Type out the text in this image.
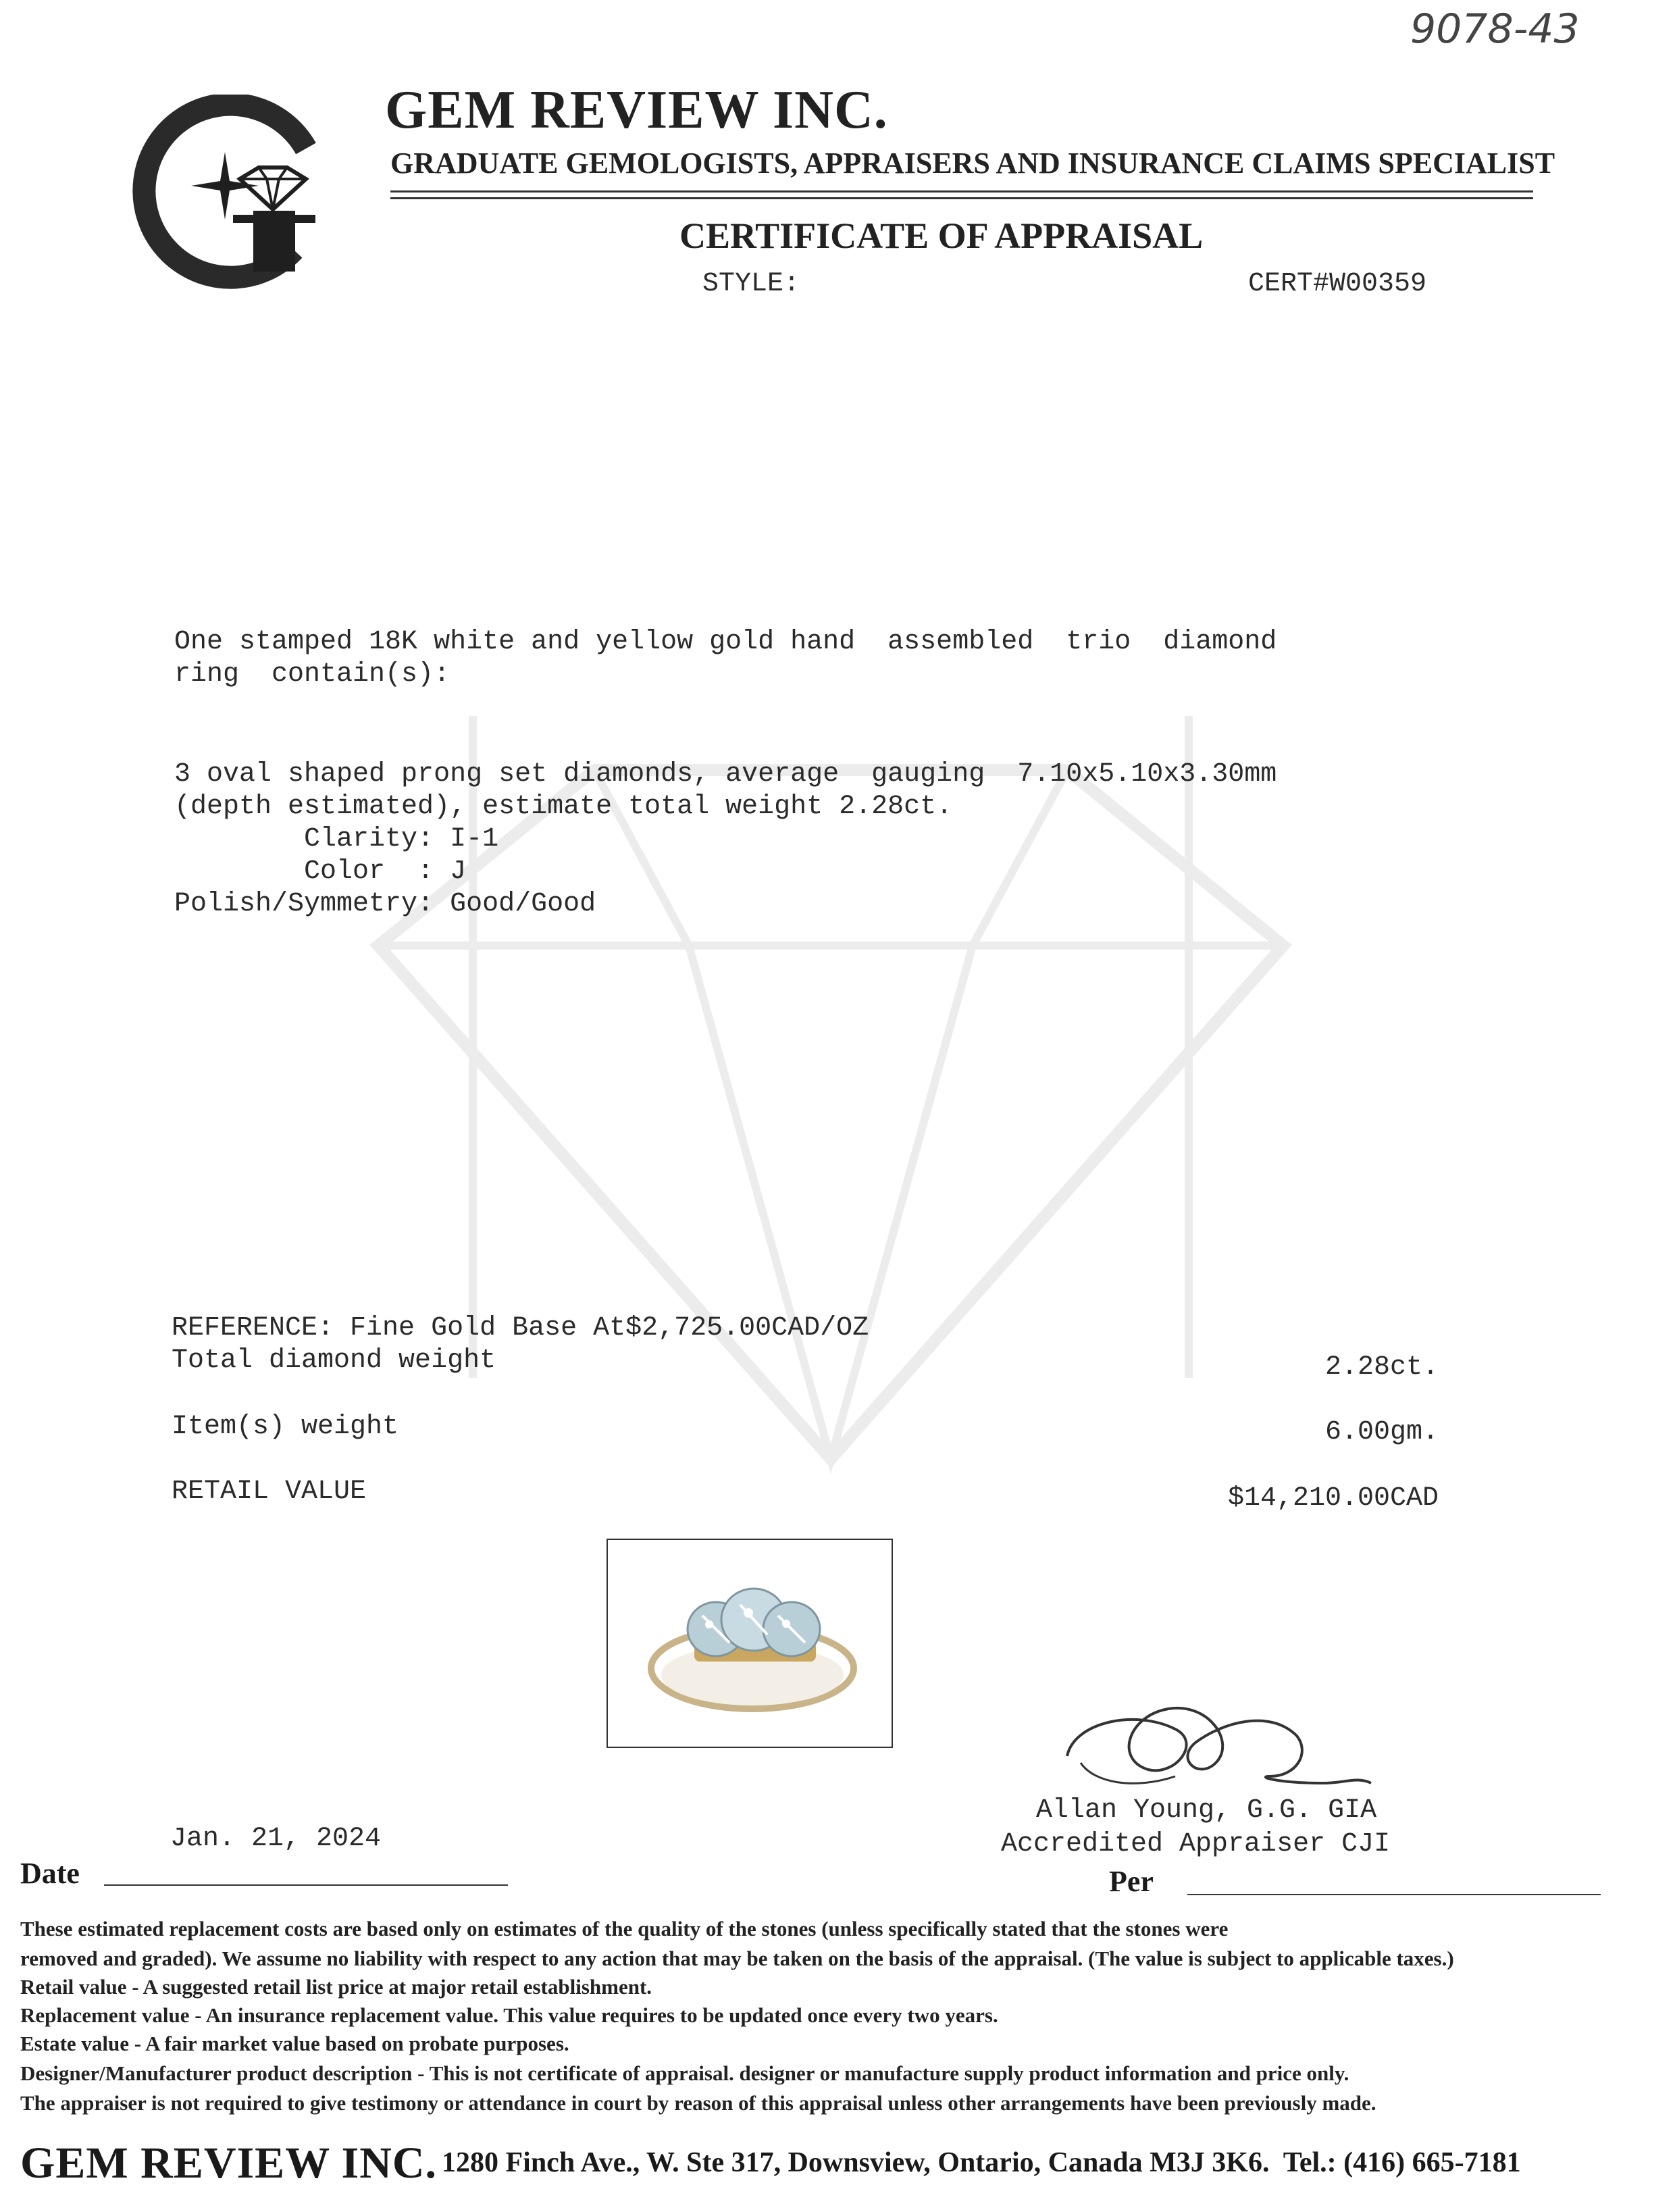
9078-43
GEM REVIEW INC.
GRADUATE GEMOLOGISTS, APPRAISERS AND INSURANCE CLAIMS SPECIALIST
CERTIFICATE OF APPRAISAL
STYLE:	CERT#W00359
One stamped 18K white and yellow gold hand  assembled  trio  diamond
ring  contain(s):
3 oval shaped prong set diamonds, average  gauging  7.10x5.10x3.30mm
(depth estimated), estimate total weight 2.28ct.
Clarity: I-1
Color  : J
Polish/Symmetry: Good/Good
REFERENCE: Fine Gold Base At$2,725.00CAD/OZ
Total diamond weight	2.28ct.
Item(s) weight	6.00gm.
RETAIL VALUE	$14,210.00CAD
Allan Young, G.G. GIA
Accredited Appraiser CJI
Jan. 21, 2024
Date	Per
These estimated replacement costs are based only on estimates of the quality of the stones (unless specifically stated that the stones were
removed and graded). We assume no liability with respect to any action that may be taken on the basis of the appraisal. (The value is subject to applicable taxes.)
Retail value - A suggested retail list price at major retail establishment.
Replacement value - An insurance replacement value. This value requires to be updated once every two years.
Estate value - A fair market value based on probate purposes.
Designer/Manufacturer product description - This is not certificate of appraisal. designer or manufacture supply product information and price only.
The appraiser is not required to give testimony or attendance in court by reason of this appraisal unless other arrangements have been previously made.
GEM REVIEW INC. 1280 Finch Ave., W. Ste 317, Downsview, Ontario, Canada M3J 3K6.  Tel.: (416) 665-7181
